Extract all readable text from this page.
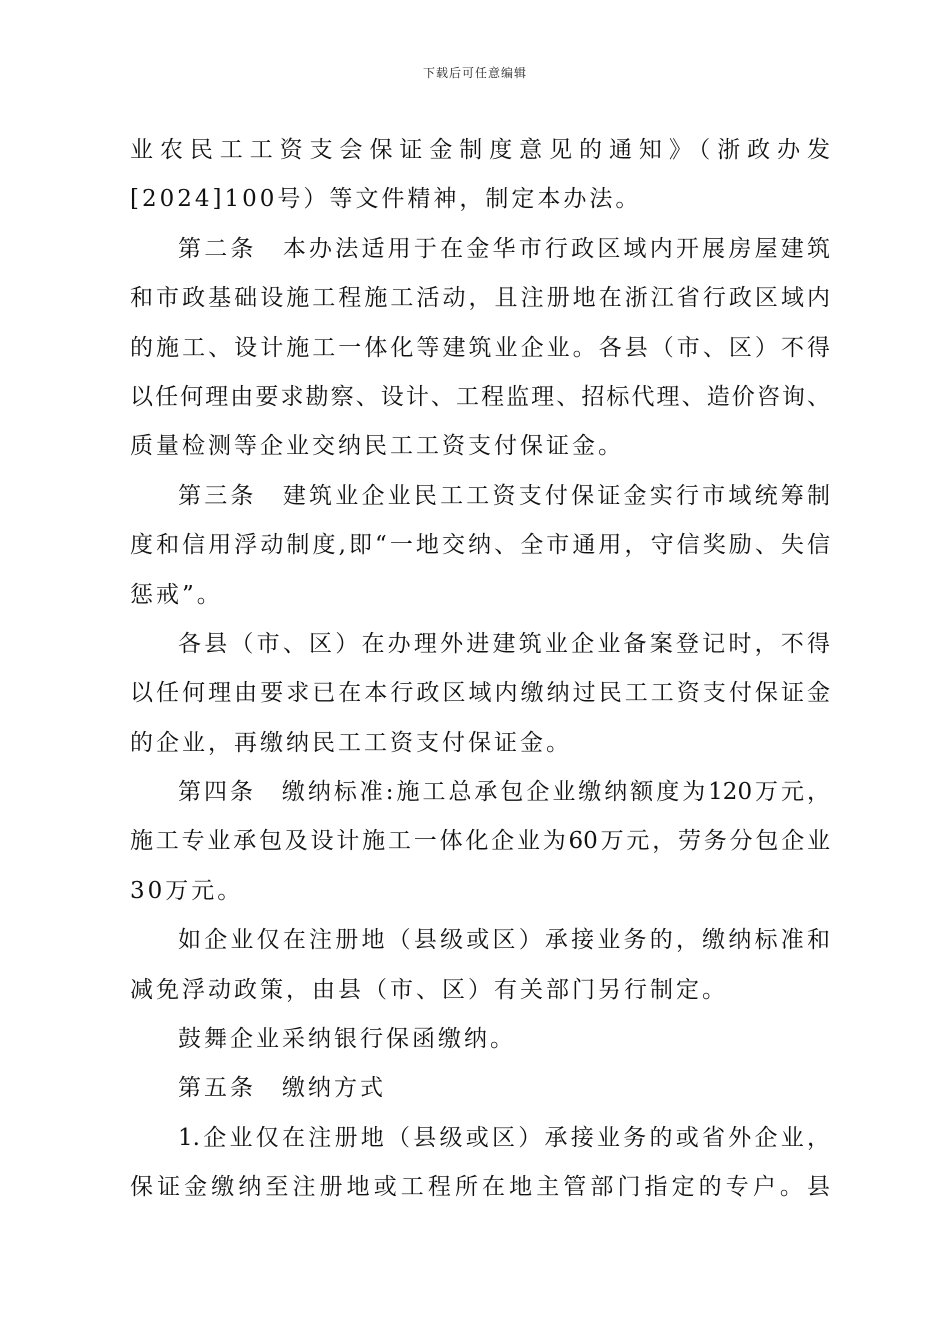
下载后可任意编辑
业农民工工资支会保证金制度意见的通知》（浙政办发
[2024]100号）等文件精神，制定本办法。
第二条　本办法适用于在金华市行政区域内开展房屋建筑
和市政基础设施工程施工活动，且注册地在浙江省行政区域内
的施工、设计施工一体化等建筑业企业。各县（市、区）不得
以任何理由要求勘察、设计、工程监理、招标代理、造价咨询、
质量检测等企业交纳民工工资支付保证金。
第三条　建筑业企业民工工资支付保证金实行市域统筹制
度和信用浮动制度,即“一地交纳、全市通用，守信奖励、失信
惩戒”。
各县（市、区）在办理外进建筑业企业备案登记时，不得
以任何理由要求已在本行政区域内缴纳过民工工资支付保证金
的企业，再缴纳民工工资支付保证金。
第四条　缴纳标准:施工总承包企业缴纳额度为120万元，
施工专业承包及设计施工一体化企业为60万元，劳务分包企业
30万元。
如企业仅在注册地（县级或区）承接业务的，缴纳标准和
减免浮动政策，由县（市、区）有关部门另行制定。
鼓舞企业采纳银行保函缴纳。
第五条　缴纳方式
1.企业仅在注册地（县级或区）承接业务的或省外企业，
保证金缴纳至注册地或工程所在地主管部门指定的专户。县
